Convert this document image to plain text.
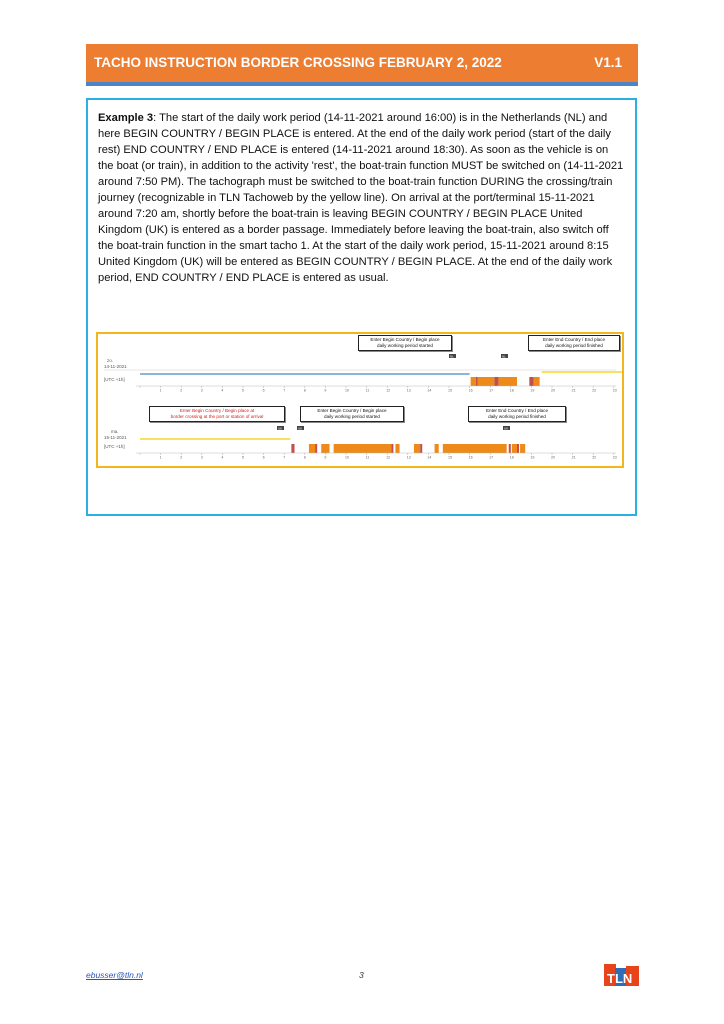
TACHO INSTRUCTION BORDER CROSSING FEBRUARY 2, 2022	V1.1
Example 3: The start of the daily work period (14-11-2021 around 16:00) is in the Netherlands (NL) and here BEGIN COUNTRY / BEGIN PLACE is entered. At the end of the daily work period (start of the daily rest) END COUNTRY / END PLACE is entered (14-11-2021 around 18:30). As soon as the vehicle is on the boat (or train), in addition to the activity 'rest', the boat-train function MUST be switched on (14-11-2021 around 7:50 PM). The tachograph must be switched to the boat-train function DURING the crossing/train journey (recognizable in TLN Tachoweb by the yellow line). On arrival at the port/terminal 15-11-2021 around 7:20 am, shortly before the boat-train is leaving BEGIN COUNTRY / BEGIN PLACE United Kingdom (UK) is entered as a border passage. Immediately before leaving the boat-train, also switch off the boat-train function in the smart tacho 1. At the start of the daily work period, 15-11-2021 around 8:15 United Kingdom (UK) will be entered as BEGIN COUNTRY / BEGIN PLACE. At the end of the daily work period, END COUNTRY / END PLACE is entered as usual.
zo.
14-11-2021
[UTC +1h]
1	2	3	4	5	6	7	8	9	10	11	12	13	14	15	16	17	18	19	20	21	22	23
NL	NL
ma.
15-11-2021
[UTC +1h]
1	2	3	4	5	6	7	8	9	10	11	12	13	14	15	16	17	18	19	20	21	22	23
UK	UK	UK
Enter Begin Country / Begin place
daily working period started
Enter End Country / End place
daily working period finished
Enter Begin Country / Begin place at
border crossing at the port or station of arrival
Enter Begin Country / Begin place
daily working period started
Enter End Country / End place
daily working period finished
ebusser@tln.nl	3	TLN
